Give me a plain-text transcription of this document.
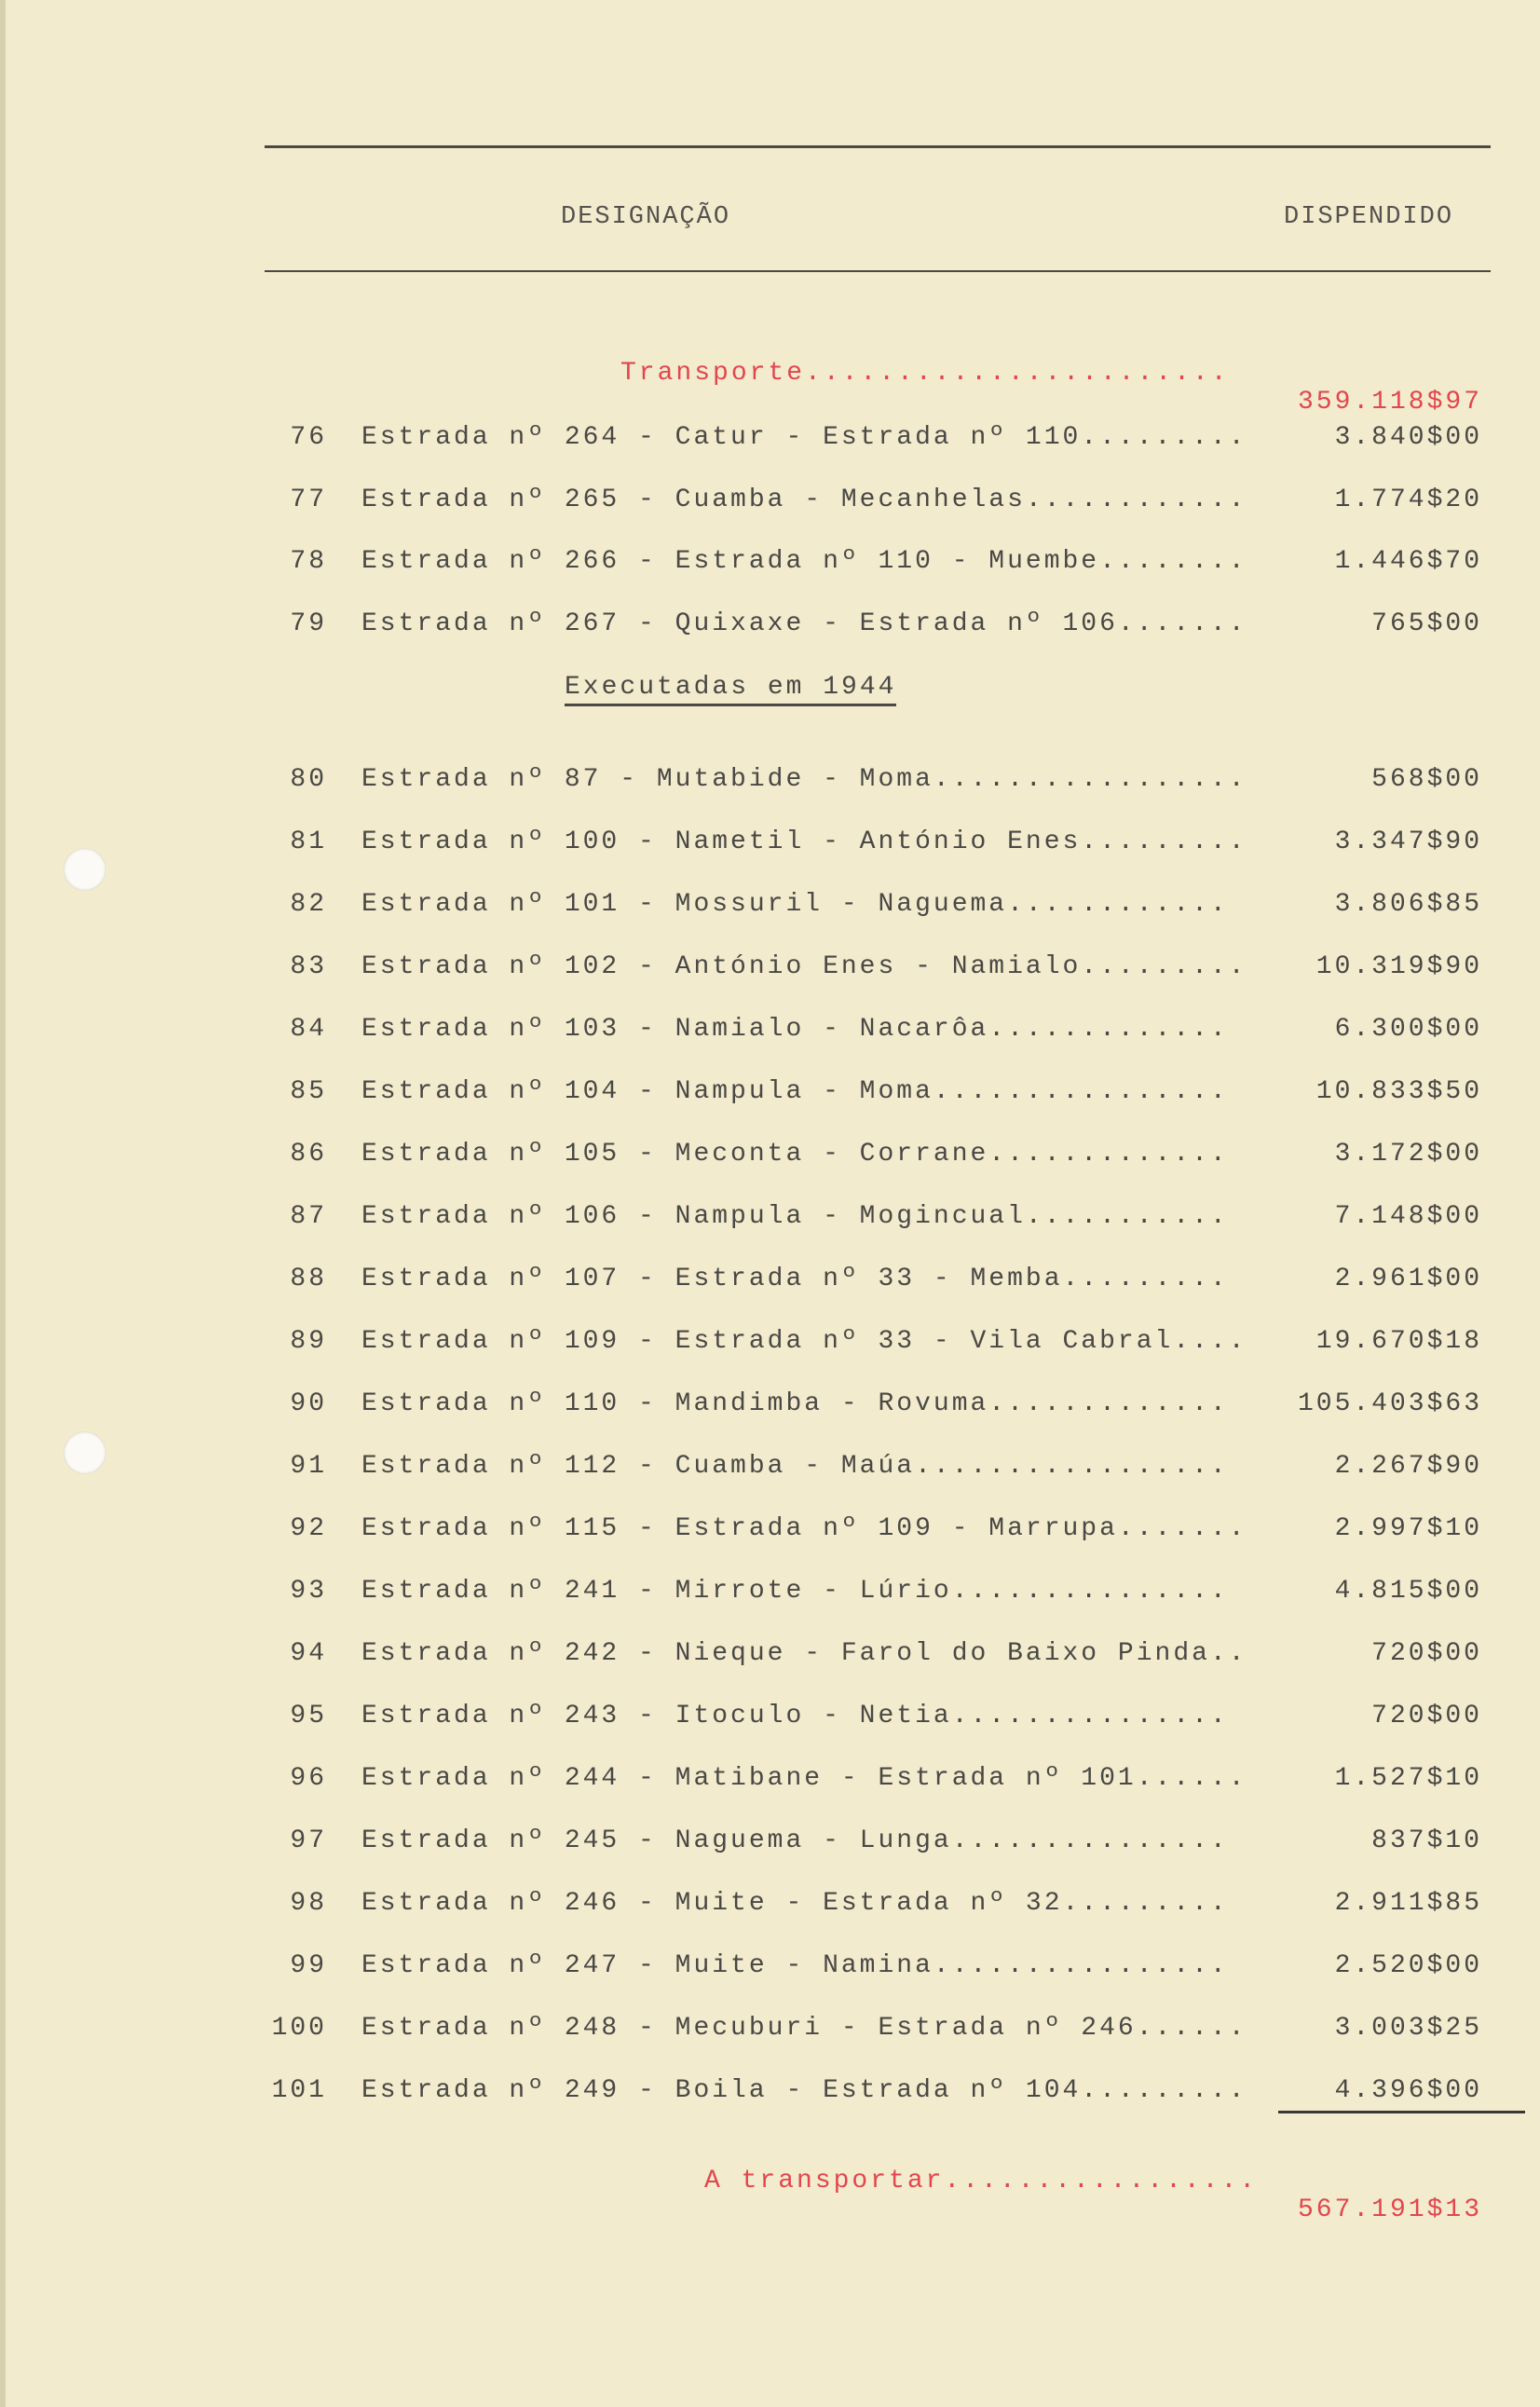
DESIGNAÇÃO	DISPENDIDO

Transporte.......................

359.118$97

76 Estrada nº 264 - Catur - Estrada nº 110.........	3.840$00
77 Estrada nº 265 - Cuamba - Mecanhelas............	1.774$20
78 Estrada nº 266 - Estrada nº 110 - Muembe........	1.446$70
79 Estrada nº 267 - Quixaxe - Estrada nº 106.......	765$00
Executadas em 1944
80 Estrada nº 87 - Mutabide - Moma.................	568$00
81 Estrada nº 100 - Nametil - António Enes.........	3.347$90
82 Estrada nº 101 - Mossuril - Naguema............	3.806$85
83 Estrada nº 102 - António Enes - Namialo.........	10.319$90
84 Estrada nº 103 - Namialo - Nacarôa.............	6.300$00
85 Estrada nº 104 - Nampula - Moma................	10.833$50
86 Estrada nº 105 - Meconta - Corrane.............	3.172$00
87 Estrada nº 106 - Nampula - Mogincual...........	7.148$00
88 Estrada nº 107 - Estrada nº 33 - Memba.........	2.961$00
89 Estrada nº 109 - Estrada nº 33 - Vila Cabral....	19.670$18
90 Estrada nº 110 - Mandimba - Rovuma.............	105.403$63
91 Estrada nº 112 - Cuamba - Maúa.................	2.267$90
92 Estrada nº 115 - Estrada nº 109 - Marrupa.......	2.997$10
93 Estrada nº 241 - Mirrote - Lúrio...............	4.815$00
94 Estrada nº 242 - Nieque - Farol do Baixo Pinda..	720$00
95 Estrada nº 243 - Itoculo - Netia...............	720$00
96 Estrada nº 244 - Matibane - Estrada nº 101......	1.527$10
97 Estrada nº 245 - Naguema - Lunga...............	837$10
98 Estrada nº 246 - Muite - Estrada nº 32.........	2.911$85
99 Estrada nº 247 - Muite - Namina................	2.520$00
100 Estrada nº 248 - Mecuburi - Estrada nº 246......	3.003$25
101 Estrada nº 249 - Boila - Estrada nº 104.........	4.396$00

A transportar.................

567.191$13
